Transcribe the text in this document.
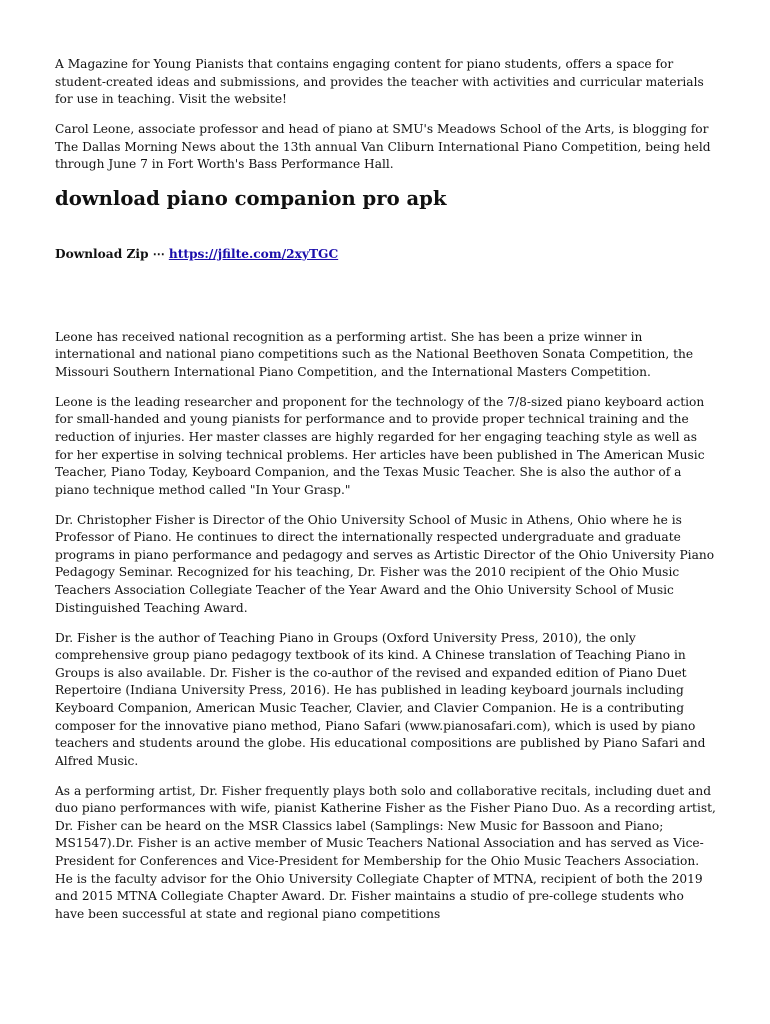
A Magazine for Young Pianists that contains engaging content for piano students, offers a space for student-created ideas and submissions, and provides the teacher with activities and curricular materials for use in teaching. Visit the website!

Carol Leone, associate professor and head of piano at SMU's Meadows School of the Arts, is blogging for The Dallas Morning News about the 13th annual Van Cliburn International Piano Competition, being held through June 7 in Fort Worth's Bass Performance Hall.

download piano companion pro apk
Download Zip ⋯ https://jfilte.com/2xyTGC

Leone has received national recognition as a performing artist. She has been a prize winner in international and national piano competitions such as the National Beethoven Sonata Competition, the Missouri Southern International Piano Competition, and the International Masters Competition.

Leone is the leading researcher and proponent for the technology of the 7/8-sized piano keyboard action for small-handed and young pianists for performance and to provide proper technical training and the reduction of injuries. Her master classes are highly regarded for her engaging teaching style as well as for her expertise in solving technical problems. Her articles have been published in The American Music Teacher, Piano Today, Keyboard Companion, and the Texas Music Teacher. She is also the author of a piano technique method called "In Your Grasp."

Dr. Christopher Fisher is Director of the Ohio University School of Music in Athens, Ohio where he is Professor of Piano. He continues to direct the internationally respected undergraduate and graduate programs in piano performance and pedagogy and serves as Artistic Director of the Ohio University Piano Pedagogy Seminar. Recognized for his teaching, Dr. Fisher was the 2010 recipient of the Ohio Music Teachers Association Collegiate Teacher of the Year Award and the Ohio University School of Music Distinguished Teaching Award.

Dr. Fisher is the author of Teaching Piano in Groups (Oxford University Press, 2010), the only comprehensive group piano pedagogy textbook of its kind. A Chinese translation of Teaching Piano in Groups is also available. Dr. Fisher is the co-author of the revised and expanded edition of Piano Duet Repertoire (Indiana University Press, 2016). He has published in leading keyboard journals including Keyboard Companion, American Music Teacher, Clavier, and Clavier Companion. He is a contributing composer for the innovative piano method, Piano Safari (www.pianosafari.com), which is used by piano teachers and students around the globe. His educational compositions are published by Piano Safari and Alfred Music.

As a performing artist, Dr. Fisher frequently plays both solo and collaborative recitals, including duet and duo piano performances with wife, pianist Katherine Fisher as the Fisher Piano Duo. As a recording artist, Dr. Fisher can be heard on the MSR Classics label (Samplings: New Music for Bassoon and Piano; MS1547).Dr. Fisher is an active member of Music Teachers National Association and has served as Vice-President for Conferences and Vice-President for Membership for the Ohio Music Teachers Association. He is the faculty advisor for the Ohio University Collegiate Chapter of MTNA, recipient of both the 2019 and 2015 MTNA Collegiate Chapter Award. Dr. Fisher maintains a studio of pre-college students who have been successful at state and regional piano competitions
